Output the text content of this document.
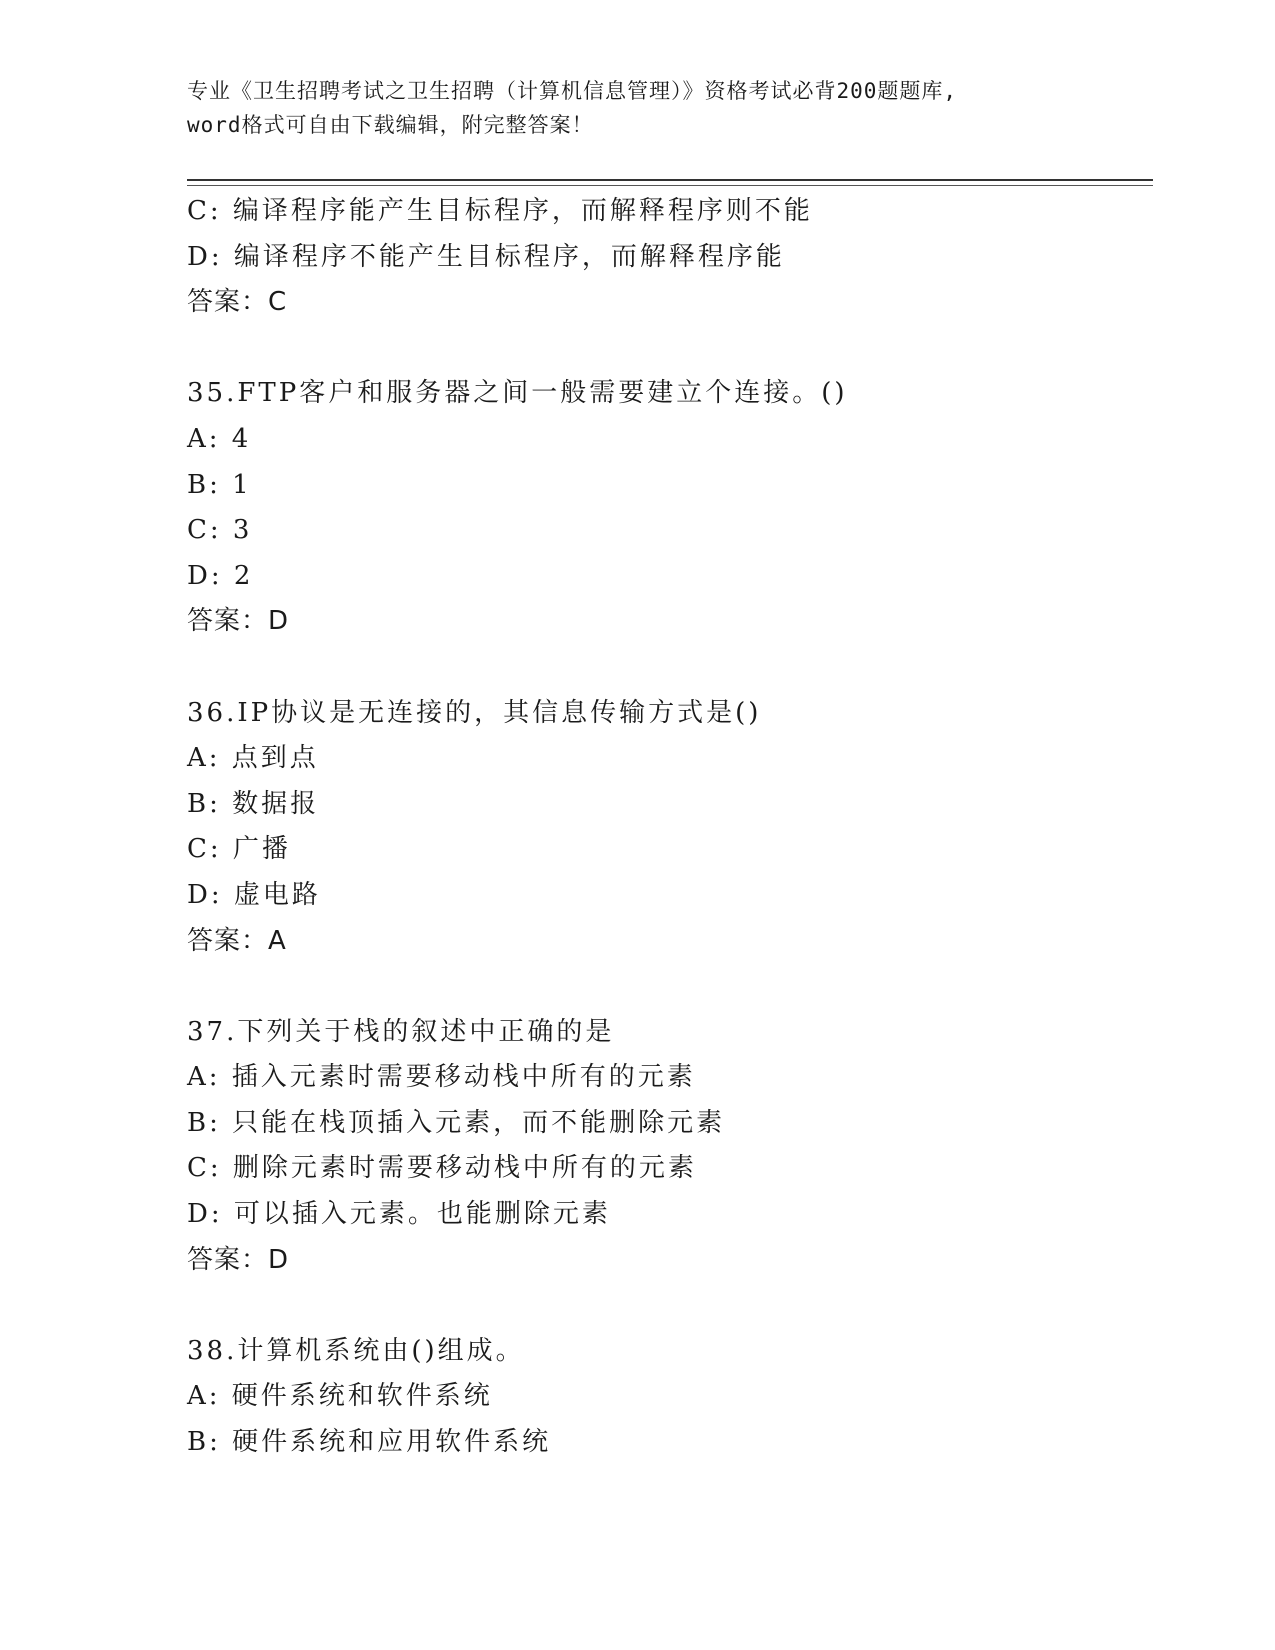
专业《卫生招聘考试之卫生招聘（计算机信息管理）》资格考试必背200题题库,
word格式可自由下载编辑，附完整答案！
C: 编译程序能产生目标程序，而解释程序则不能
D: 编译程序不能产生目标程序，而解释程序能
答案：C
35.FTP客户和服务器之间一般需要建立个连接。()
A: 4
B: 1
C: 3
D: 2
答案：D
36.IP协议是无连接的，其信息传输方式是()
A: 点到点
B: 数据报
C: 广播
D: 虚电路
答案：A
37.下列关于栈的叙述中正确的是
A: 插入元素时需要移动栈中所有的元素
B: 只能在栈顶插入元素，而不能删除元素
C: 删除元素时需要移动栈中所有的元素
D: 可以插入元素。也能删除元素
答案：D
38.计算机系统由()组成。
A: 硬件系统和软件系统
B: 硬件系统和应用软件系统
